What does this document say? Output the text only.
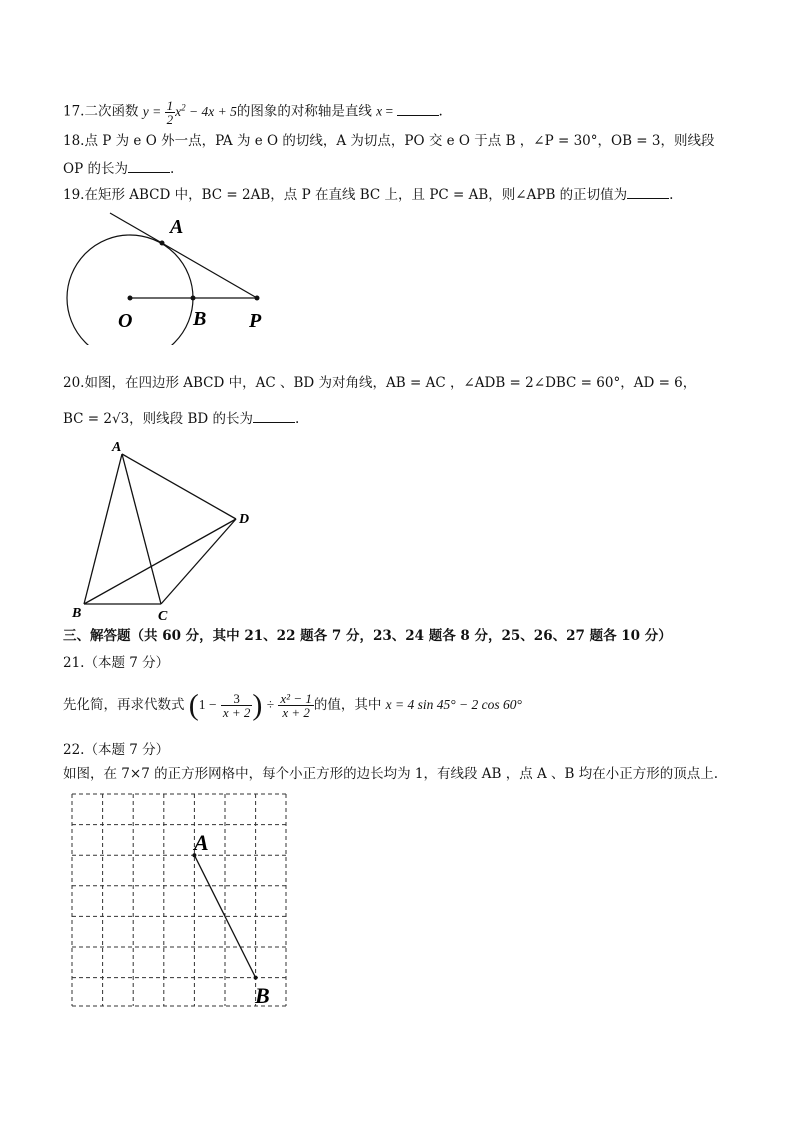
17.二次函数 $y = \frac{1}{2} x^2 - 4x + 5$的图象的对称轴是直线 x =	.
18.点 P 为 e O 外一点，PA 为 e O 的切线，A 为切点，PO 交 e O 于点 B ，∠P = 30°，OB = 3，则线段
OP 的长为	.
19.在矩形 ABCD 中，BC = 2AB，点 P 在直线 BC 上，且 PC = AB，则∠APB 的正切值为	.
A
O	B P
20.如图，在四边形 ABCD 中，AC 、BD 为对角线，AB = AC ，∠ADB = 2∠DBC = 60°，AD = 6，
BC = 2√3，则线段 BD 的长为	.
A
B	C
D
三、解答题（共 60 分，其中 21、22 题各 7 分，23、24 题各 8 分，25、26、27 题各 10 分）
21.（本题 7 分）
先化简，再求代数式 ($1 - \frac{3}{x + 2}$ ) ÷ $\frac{\text{x² − 1}}{x + 2}$ 的值，其中 x = 4 sin 45° − 2 cos 60°
22.（本题 7 分）
如图，在 7×7 的正方形网格中，每个小正方形的边长均为 1，有线段 AB ，点 A 、B 均在小正方形的顶点上.
A
B
